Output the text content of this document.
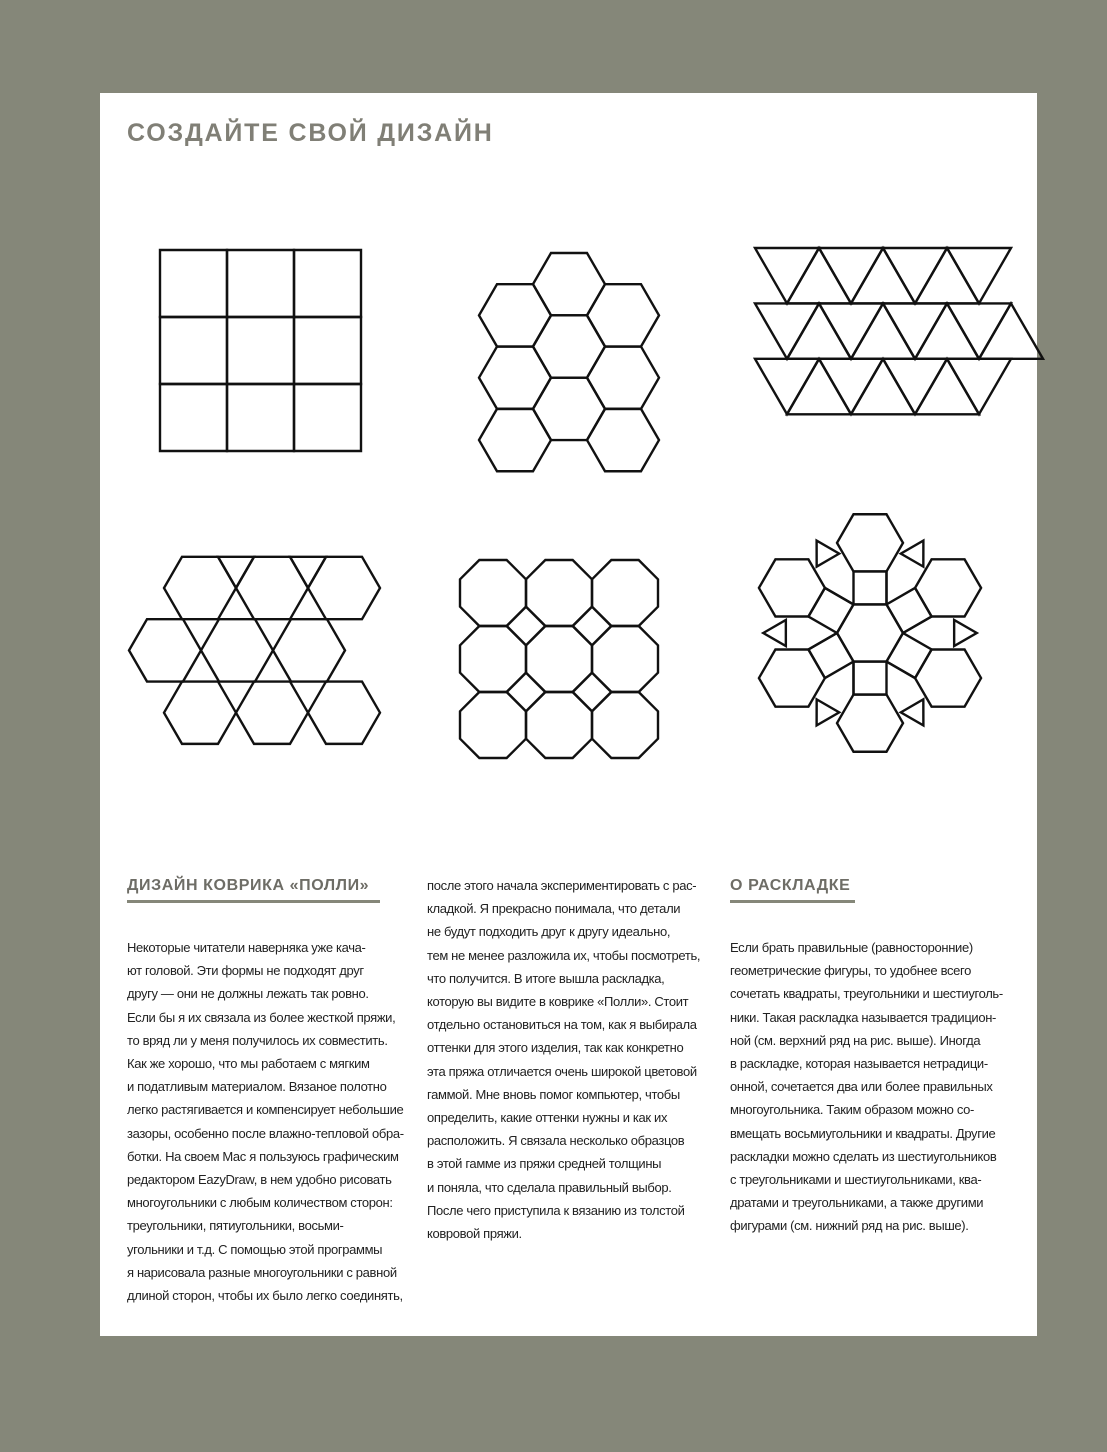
СОЗДАЙТЕ СВОЙ ДИЗАЙН
ДИЗАЙН КОВРИКА «ПОЛЛИ»

Некоторые читатели наверняка уже кача-
ют головой. Эти формы не подходят друг
другу — они не должны лежать так ровно.
Если бы я их связала из более жесткой пряжи,
то вряд ли у меня получилось их совместить.
Как же хорошо, что мы работаем с мягким
и податливым материалом. Вязаное полотно
легко растягивается и компенсирует небольшие
зазоры, особенно после влажно-тепловой обра-
ботки. На своем Mac я пользуюсь графическим
редактором EazyDraw, в нем удобно рисовать
многоугольники с любым количеством сторон:
треугольники, пятиугольники, восьми-
угольники и т.д. С помощью этой программы
я нарисовала разные многоугольники с равной
длиной сторон, чтобы их было легко соединять,

после этого начала экспериментировать с рас-
кладкой. Я прекрасно понимала, что детали
не будут подходить друг к другу идеально,
тем не менее разложила их, чтобы посмотреть,
что получится. В итоге вышла раскладка,
которую вы видите в коврике «Полли». Стоит
отдельно остановиться на том, как я выбирала
оттенки для этого изделия, так как конкретно
эта пряжа отличается очень широкой цветовой
гаммой. Мне вновь помог компьютер, чтобы
определить, какие оттенки нужны и как их
расположить. Я связала несколько образцов
в этой гамме из пряжи средней толщины
и поняла, что сделала правильный выбор.
После чего приступила к вязанию из толстой
ковровой пряжи.

О РАСКЛАДКЕ

Если брать правильные (равносторонние)
геометрические фигуры, то удобнее всего
сочетать квадраты, треугольники и шестиуголь-
ники. Такая раскладка называется традицион-
ной (см. верхний ряд на рис. выше). Иногда
в раскладке, которая называется нетрадици-
онной, сочетается два или более правильных
многоугольника. Таким образом можно со-
вмещать восьмиугольники и квадраты. Другие
раскладки можно сделать из шестиугольников
с треугольниками и шестиугольниками, ква-
дратами и треугольниками, а также другими
фигурами (см. нижний ряд на рис. выше).
